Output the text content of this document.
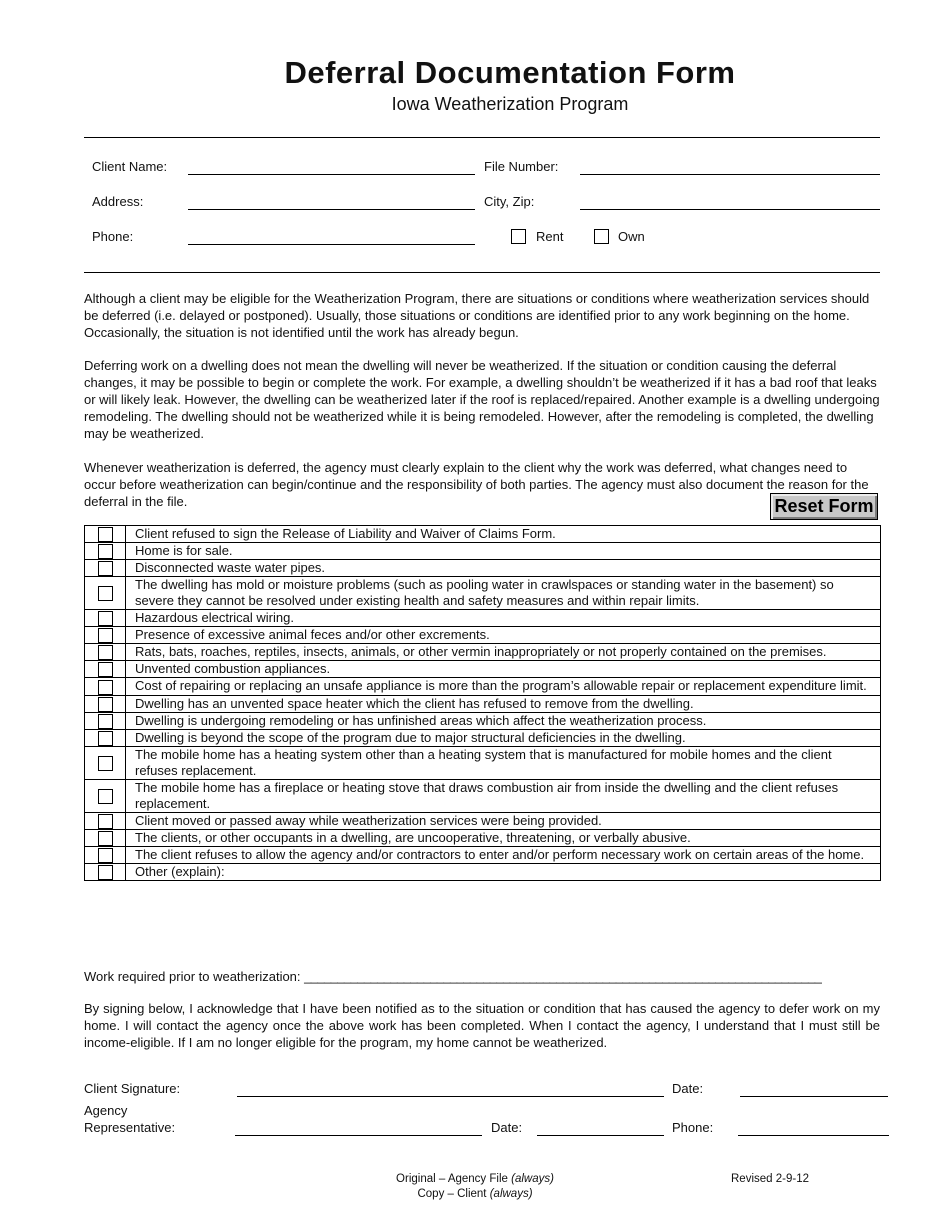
Deferral Documentation Form
Iowa Weatherization Program
Client Name:	File Number:
Address:	City, Zip:
Phone:	Rent	Own
Although a client may be eligible for the Weatherization Program, there are situations or conditions where weatherization services should be deferred (i.e. delayed or postponed). Usually, those situations or conditions are identified prior to any work beginning on the home. Occasionally, the situation is not identified until the work has already begun.
Deferring work on a dwelling does not mean the dwelling will never be weatherized. If the situation or condition causing the deferral changes, it may be possible to begin or complete the work. For example, a dwelling shouldn’t be weatherized if it has a bad roof that leaks or will likely leak. However, the dwelling can be weatherized later if the roof is replaced/repaired. Another example is a dwelling undergoing remodeling. The dwelling should not be weatherized while it is being remodeled. However, after the remodeling is completed, the dwelling may be weatherized.
Whenever weatherization is deferred, the agency must clearly explain to the client why the work was deferred, what changes need to occur before weatherization can begin/continue and the responsibility of both parties. The agency must also document the reason for the deferral in the file.	Reset Form
	Client refused to sign the Release of Liability and Waiver of Claims Form.
	Home is for sale.
	Disconnected waste water pipes.
	The dwelling has mold or moisture problems (such as pooling water in crawlspaces or standing water in the basement) so severe they cannot be resolved under existing health and safety measures and within repair limits.
	Hazardous electrical wiring.
	Presence of excessive animal feces and/or other excrements.
	Rats, bats, roaches, reptiles, insects, animals, or other vermin inappropriately or not properly contained on the premises.
	Unvented combustion appliances.
	Cost of repairing or replacing an unsafe appliance is more than the program’s allowable repair or replacement expenditure limit.
	Dwelling has an unvented space heater which the client has refused to remove from the dwelling.
	Dwelling is undergoing remodeling or has unfinished areas which affect the weatherization process.
	Dwelling is beyond the scope of the program due to major structural deficiencies in the dwelling.
	The mobile home has a heating system other than a heating system that is manufactured for mobile homes and the client refuses replacement.
	The mobile home has a fireplace or heating stove that draws combustion air from inside the dwelling and the client refuses replacement.
	Client moved or passed away while weatherization services were being provided.
	The clients, or other occupants in a dwelling, are uncooperative, threatening, or verbally abusive.
	The client refuses to allow the agency and/or contractors to enter and/or perform necessary work on certain areas of the home.
	Other (explain):
Work required prior to weatherization: ______________________________________________________________________________
By signing below, I acknowledge that I have been notified as to the situation or condition that has caused the agency to defer work on my home. I will contact the agency once the above work has been completed. When I contact the agency, I understand that I must still be income-eligible. If I am no longer eligible for the program, my home cannot be weatherized.
Client Signature:	Date:
Agency
Representative:	Date:	Phone:
Original – Agency File (always)
Copy – Client (always)
Revised 2-9-12
